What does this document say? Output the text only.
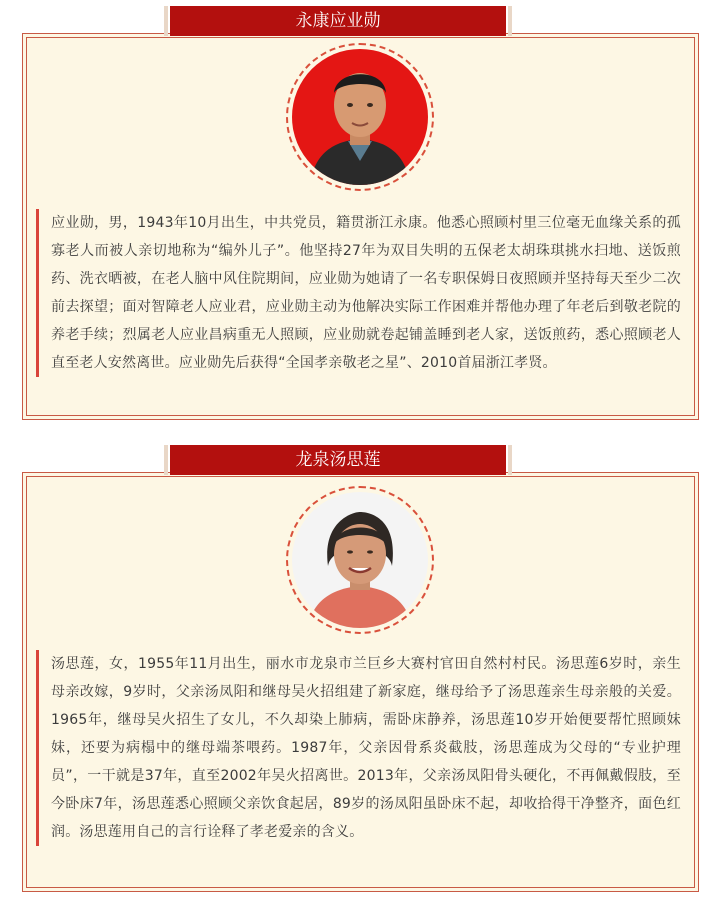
永康应业勋
应业勋，男，1943年10月出生，中共党员，籍贯浙江永康。他悉心照顾村里三位毫无血缘关系的孤寡老人而被人亲切地称为“编外儿子”。他坚持27年为双目失明的五保老太胡珠琪挑水扫地、送饭煎药、洗衣晒被，在老人脑中风住院期间，应业勋为她请了一名专职保姆日夜照顾并坚持每天至少二次前去探望；面对智障老人应业君，应业勋主动为他解决实际工作困难并帮他办理了年老后到敬老院的养老手续；烈属老人应业昌病重无人照顾，应业勋就卷起铺盖睡到老人家，送饭煎药，悉心照顾老人直至老人安然离世。应业勋先后获得“全国孝亲敬老之星”、2010首届浙江孝贤。
龙泉汤思莲
汤思莲，女，1955年11月出生，丽水市龙泉市兰巨乡大赛村官田自然村村民。汤思莲6岁时，亲生母亲改嫁，9岁时，父亲汤凤阳和继母吴火招组建了新家庭，继母给予了汤思莲亲生母亲般的关爱。1965年，继母吴火招生了女儿，不久却染上肺病，需卧床静养，汤思莲10岁开始便要帮忙照顾妹妹，还要为病榻中的继母端茶喂药。1987年，父亲因骨系炎截肢，汤思莲成为父母的“专业护理员”，一干就是37年，直至2002年吴火招离世。2013年，父亲汤凤阳骨头硬化，不再佩戴假肢，至今卧床7年，汤思莲悉心照顾父亲饮食起居，89岁的汤凤阳虽卧床不起，却收拾得干净整齐，面色红润。汤思莲用自己的言行诠释了孝老爱亲的含义。
